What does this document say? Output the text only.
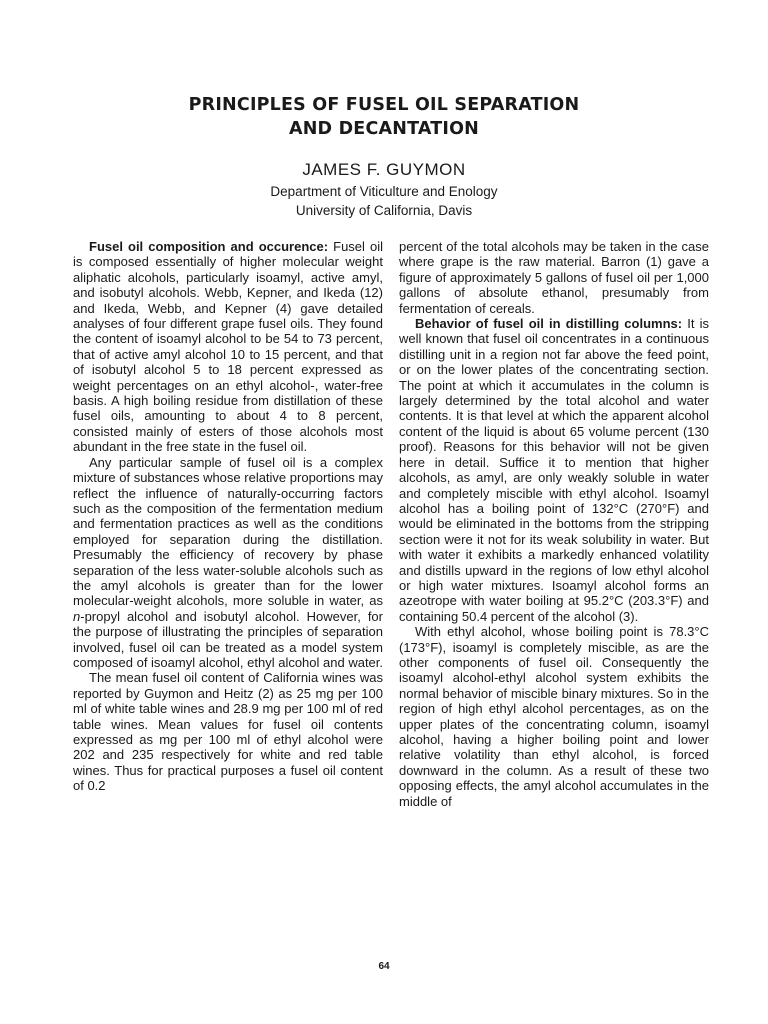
PRINCIPLES OF FUSEL OIL SEPARATION
AND DECANTATION
JAMES F. GUYMON
Department of Viticulture and Enology
University of California, Davis

Fusel oil composition and occurence: Fusel oil is composed essentially of higher molecular weight aliphatic alcohols, particularly isoamyl, active amyl, and isobutyl alcohols. Webb, Kepner, and Ikeda (12) and Ikeda, Webb, and Kepner (4) gave detailed analyses of four different grape fusel oils. They found the content of isoamyl alcohol to be 54 to 73 percent, that of active amyl alcohol 10 to 15 percent, and that of isobutyl alcohol 5 to 18 percent expressed as weight percentages on an ethyl alcohol-, water-free basis. A high boiling residue from distillation of these fusel oils, amounting to about 4 to 8 percent, consisted mainly of esters of those alcohols most abundant in the free state in the fusel oil.

Any particular sample of fusel oil is a complex mixture of substances whose relative proportions may reflect the influence of naturally-occurring factors such as the composition of the fermentation medium and fermentation practices as well as the conditions employed for separation during the distillation. Presumably the efficiency of recovery by phase separation of the less water-soluble alcohols such as the amyl alcohols is greater than for the lower molecular-weight alcohols, more soluble in water, as n-propyl alcohol and isobutyl alcohol. However, for the purpose of illustrating the principles of separation involved, fusel oil can be treated as a model system composed of isoamyl alcohol, ethyl alcohol and water.

The mean fusel oil content of California wines was reported by Guymon and Heitz (2) as 25 mg per 100 ml of white table wines and 28.9 mg per 100 ml of red table wines. Mean values for fusel oil contents expressed as mg per 100 ml of ethyl alcohol were 202 and 235 respectively for white and red table wines. Thus for practical purposes a fusel oil content of 0.2

percent of the total alcohols may be taken in the case where grape is the raw material. Barron (1) gave a figure of approximately 5 gallons of fusel oil per 1,000 gallons of absolute ethanol, presumably from fermentation of cereals.

Behavior of fusel oil in distilling columns: It is well known that fusel oil concentrates in a continuous distilling unit in a region not far above the feed point, or on the lower plates of the concentrating section. The point at which it accumulates in the column is largely determined by the total alcohol and water contents. It is that level at which the apparent alcohol content of the liquid is about 65 volume percent (130 proof). Reasons for this behavior will not be given here in detail. Suffice it to mention that higher alcohols, as amyl, are only weakly soluble in water and completely miscible with ethyl alcohol. Isoamyl alcohol has a boiling point of 132°C (270°F) and would be eliminated in the bottoms from the stripping section were it not for its weak solubility in water. But with water it exhibits a markedly enhanced volatility and distills upward in the regions of low ethyl alcohol or high water mixtures. Isoamyl alcohol forms an azeotrope with water boiling at 95.2°C (203.3°F) and containing 50.4 percent of the alcohol (3).

With ethyl alcohol, whose boiling point is 78.3°C (173°F), isoamyl is completely miscible, as are the other components of fusel oil. Consequently the isoamyl alcohol-ethyl alcohol system exhibits the normal behavior of miscible binary mixtures. So in the region of high ethyl alcohol percentages, as on the upper plates of the concentrating column, isoamyl alcohol, having a higher boiling point and lower relative volatility than ethyl alcohol, is forced downward in the column. As a result of these two opposing effects, the amyl alcohol accumulates in the middle of

64
